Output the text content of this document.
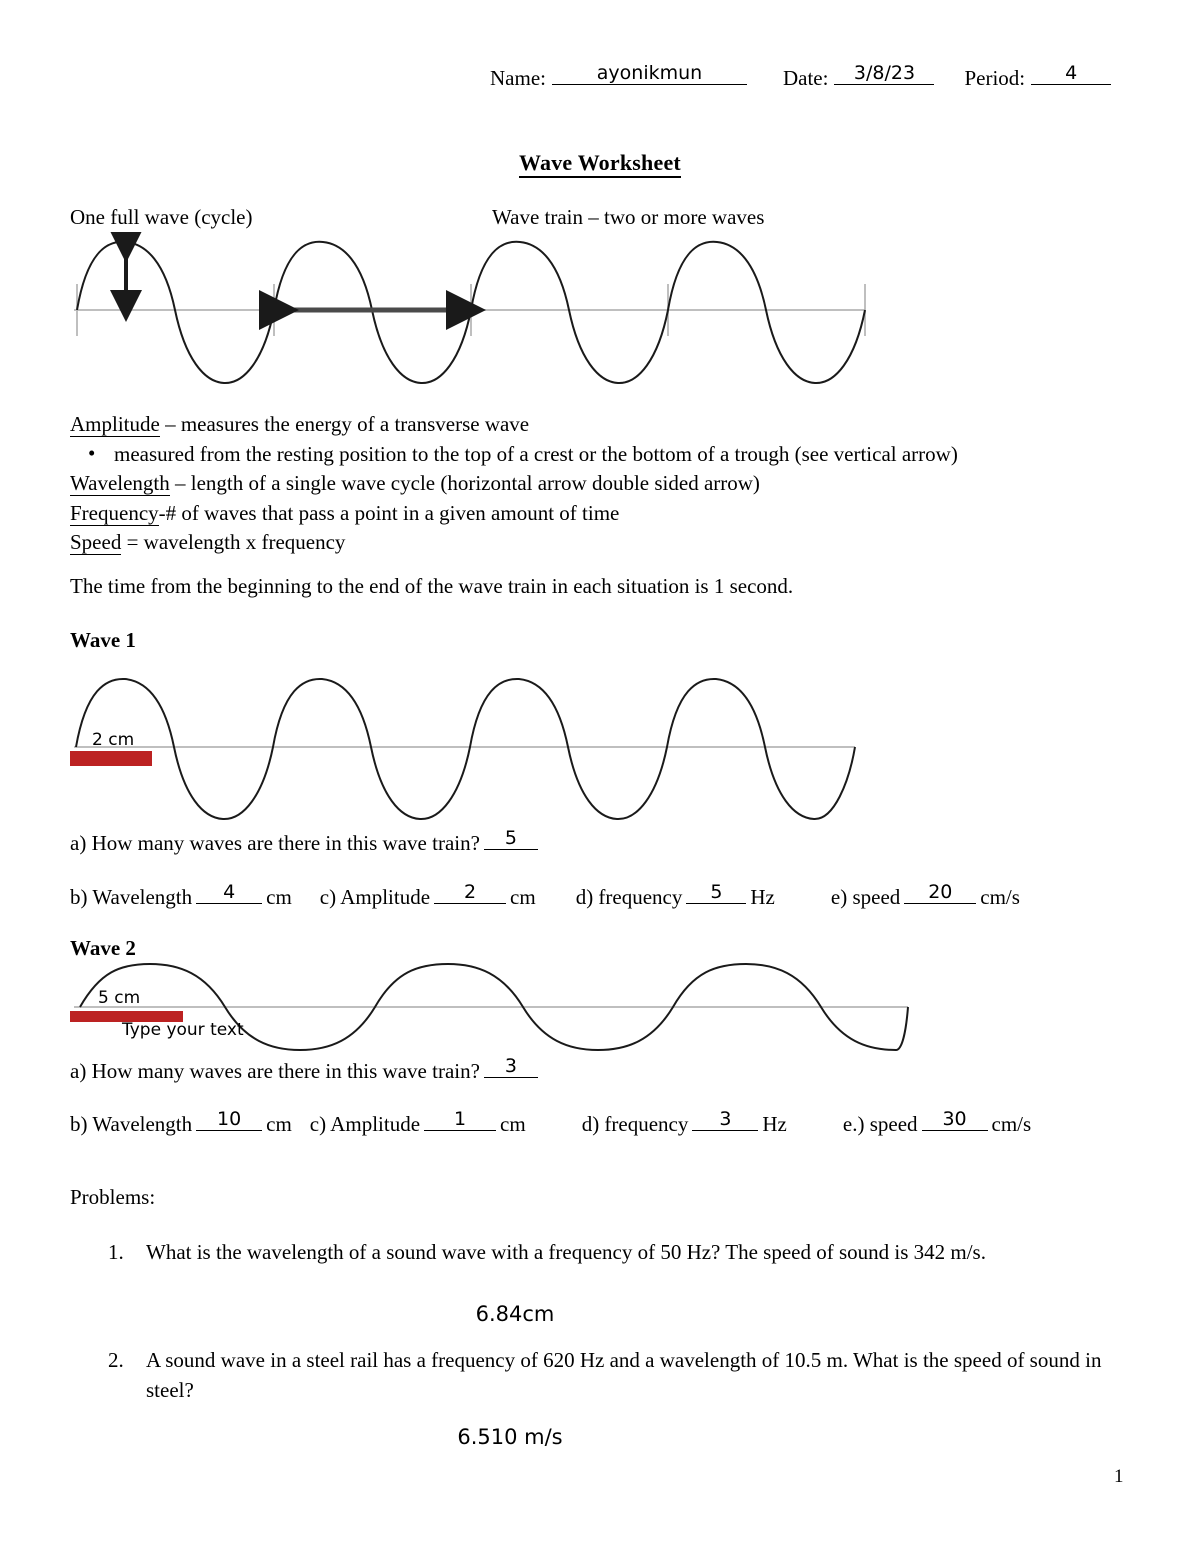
Name:	ayonikmun	Date:	3/8/23	Period:	4
Wave Worksheet
One full wave (cycle)	Wave train – two or more waves
Amplitude – measures the energy of a transverse wave
• measured from the resting position to the top of a crest or the bottom of a trough (see vertical arrow)
Wavelength – length of a single wave cycle (horizontal arrow double sided arrow)
Frequency-# of waves that pass a point in a given amount of time
Speed = wavelength x frequency
The time from the beginning to the end of the wave train in each situation is 1 second.
Wave 1
2 cm
a) How many waves are there in this wave train?	5
b) Wavelength	4	cm c) Amplitude	2	cm d) frequency	5	Hz	e) speed	20	cm/s
Wave 2
5 cm
Type your text
a) How many waves are there in this wave train?	3
b) Wavelength	10	cm c) Amplitude	1	cm	d) frequency	3	Hz	e.) speed	30	cm/s
Problems:
1.	What is the wavelength of a sound wave with a frequency of 50 Hz? The speed of sound is 342 m/s.
6.84cm
2.	A sound wave in a steel rail has a frequency of 620 Hz and a wavelength of 10.5 m. What is the speed of sound in steel?
6.510 m/s
1
